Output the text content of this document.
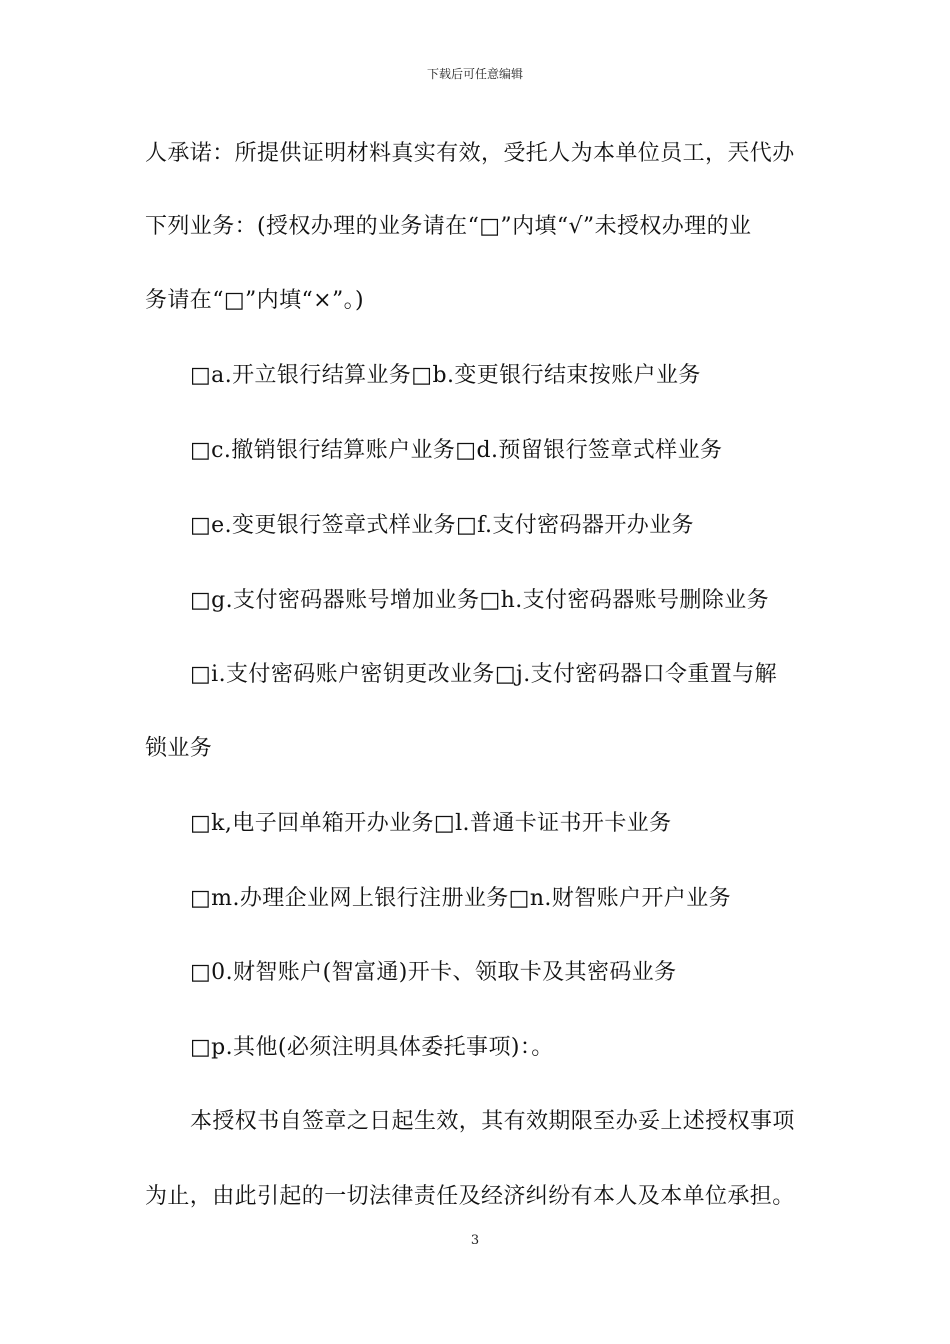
下载后可任意编辑
人承诺：所提供证明材料真实有效，受托人为本单位员工，兲代办
下列业务：(授权办理的业务请在“□”内填“√”未授权办理的业
务请在“□”内填“×”。)
□a.开立银行结算业务□b.变更银行结束按账户业务
□c.撤销银行结算账户业务□d.预留银行签章式样业务
□e.变更银行签章式样业务□f.支付密码器开办业务
□g.支付密码器账号增加业务□h.支付密码器账号删除业务
□i.支付密码账户密钥更改业务□j.支付密码器口令重置与解
锁业务
□k,电子回单箱开办业务□l.普通卡证书开卡业务
□m.办理企业网上银行注册业务□n.财智账户开户业务
□0.财智账户(智富通)开卡、领取卡及其密码业务
□p.其他(必须注明具体委托事项)：。
本授权书自签章之日起生效，其有效期限至办妥上述授权事项
为止，由此引起的一切法律责任及经济纠纷有本人及本单位承担。
3
